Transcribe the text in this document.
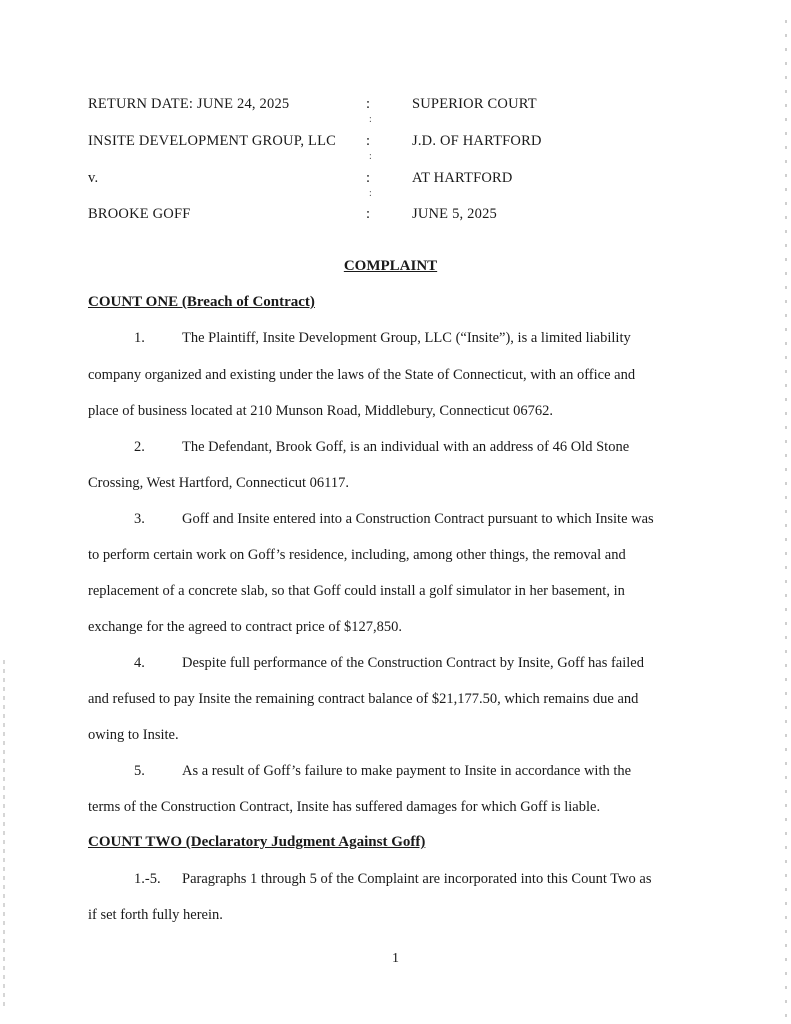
RETURN DATE: JUNE 24, 2025	:	SUPERIOR COURT
:
INSITE DEVELOPMENT GROUP, LLC :	J.D. OF HARTFORD
:
v.	:	AT HARTFORD
:
BROOKE GOFF	:	JUNE 5, 2025
COMPLAINT
COUNT ONE (Breach of Contract)
1.	The Plaintiff, Insite Development Group, LLC (“Insite”), is a limited liability
company organized and existing under the laws of the State of Connecticut, with an office and
place of business located at 210 Munson Road, Middlebury, Connecticut 06762.
2.	The Defendant, Brook Goff, is an individual with an address of 46 Old Stone
Crossing, West Hartford, Connecticut 06117.
3.	Goff and Insite entered into a Construction Contract pursuant to which Insite was
to perform certain work on Goff’s residence, including, among other things, the removal and
replacement of a concrete slab, so that Goff could install a golf simulator in her basement, in
exchange for the agreed to contract price of $127,850.
4.	Despite full performance of the Construction Contract by Insite, Goff has failed
and refused to pay Insite the remaining contract balance of $21,177.50, which remains due and
owing to Insite.
5.	As a result of Goff’s failure to make payment to Insite in accordance with the
terms of the Construction Contract, Insite has suffered damages for which Goff is liable.
COUNT TWO (Declaratory Judgment Against Goff)
1.-5. Paragraphs 1 through 5 of the Complaint are incorporated into this Count Two as
if set forth fully herein.
1
